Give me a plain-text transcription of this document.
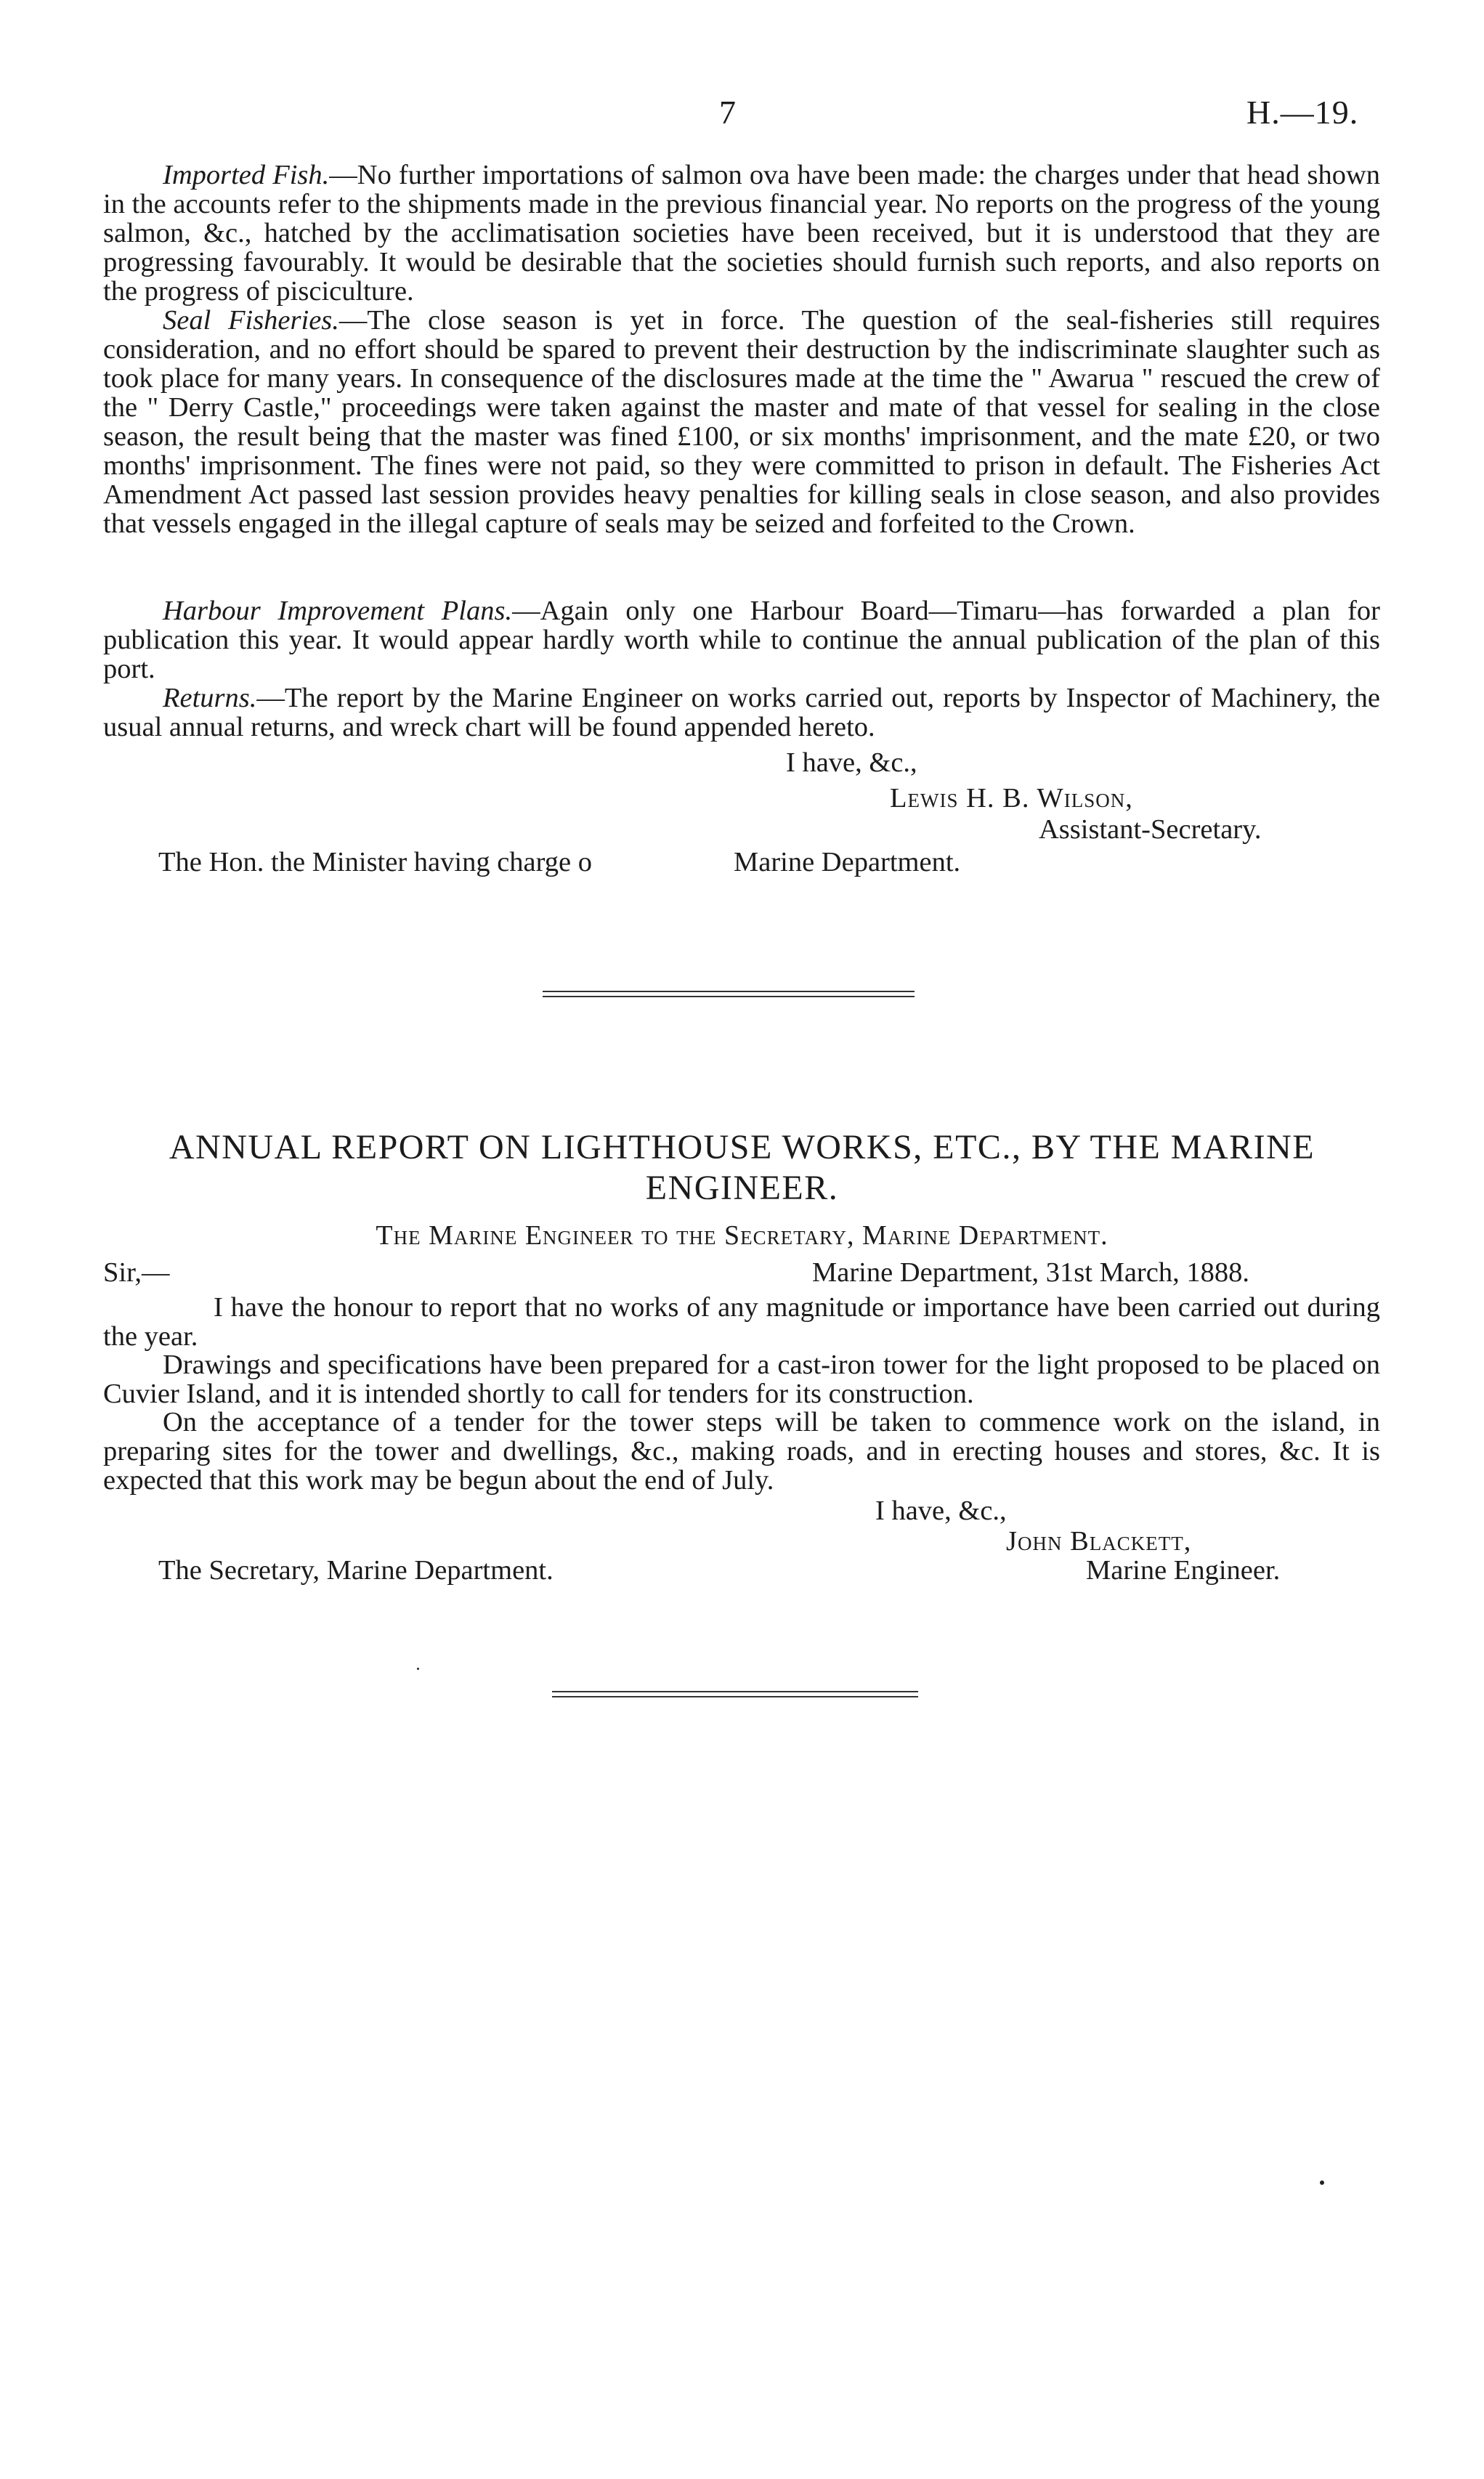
7	H.—19.

Imported Fish.—No further importations of salmon ova have been made: the charges under that head shown in the accounts refer to the shipments made in the previous financial year. No reports on the progress of the young salmon, &c., hatched by the acclimatisation societies have been received, but it is understood that they are progressing favourably. It would be desirable that the societies should furnish such reports, and also reports on the progress of pisciculture.

Seal Fisheries.—The close season is yet in force. The question of the seal-fisheries still requires consideration, and no effort should be spared to prevent their destruction by the indiscriminate slaughter such as took place for many years. In consequence of the disclosures made at the time the " Awarua " rescued the crew of the " Derry Castle," proceedings were taken against the master and mate of that vessel for sealing in the close season, the result being that the master was fined £100, or six months' imprisonment, and the mate £20, or two months' imprisonment. The fines were not paid, so they were committed to prison in default. The Fisheries Act Amendment Act passed last session provides heavy penalties for killing seals in close season, and also provides that vessels engaged in the illegal capture of seals may be seized and forfeited to the Crown.

Harbour Improvement Plans.—Again only one Harbour Board—Timaru—has forwarded a plan for publication this year. It would appear hardly worth while to continue the annual publication of the plan of this port.

Returns.—The report by the Marine Engineer on works carried out, reports by Inspector of Machinery, the usual annual returns, and wreck chart will be found appended hereto.

I have, &c.,
Lewis H. B. Wilson,
Assistant-Secretary.
The Hon. the Minister having charge o	Marine Department.
ANNUAL REPORT ON LIGHTHOUSE WORKS, ETC., BY THE MARINE ENGINEER.
The Marine Engineer to the Secretary, Marine Department.
Sir,—	Marine Department, 31st March, 1888.

I have the honour to report that no works of any magnitude or importance have been carried out during the year.

Drawings and specifications have been prepared for a cast-iron tower for the light proposed to be placed on Cuvier Island, and it is intended shortly to call for tenders for its construction.

On the acceptance of a tender for the tower steps will be taken to commence work on the island, in preparing sites for the tower and dwellings, &c., making roads, and in erecting houses and stores, &c. It is expected that this work may be begun about the end of July.

I have, &c.,
John Blackett,
The Secretary, Marine Department.	Marine Engineer.
